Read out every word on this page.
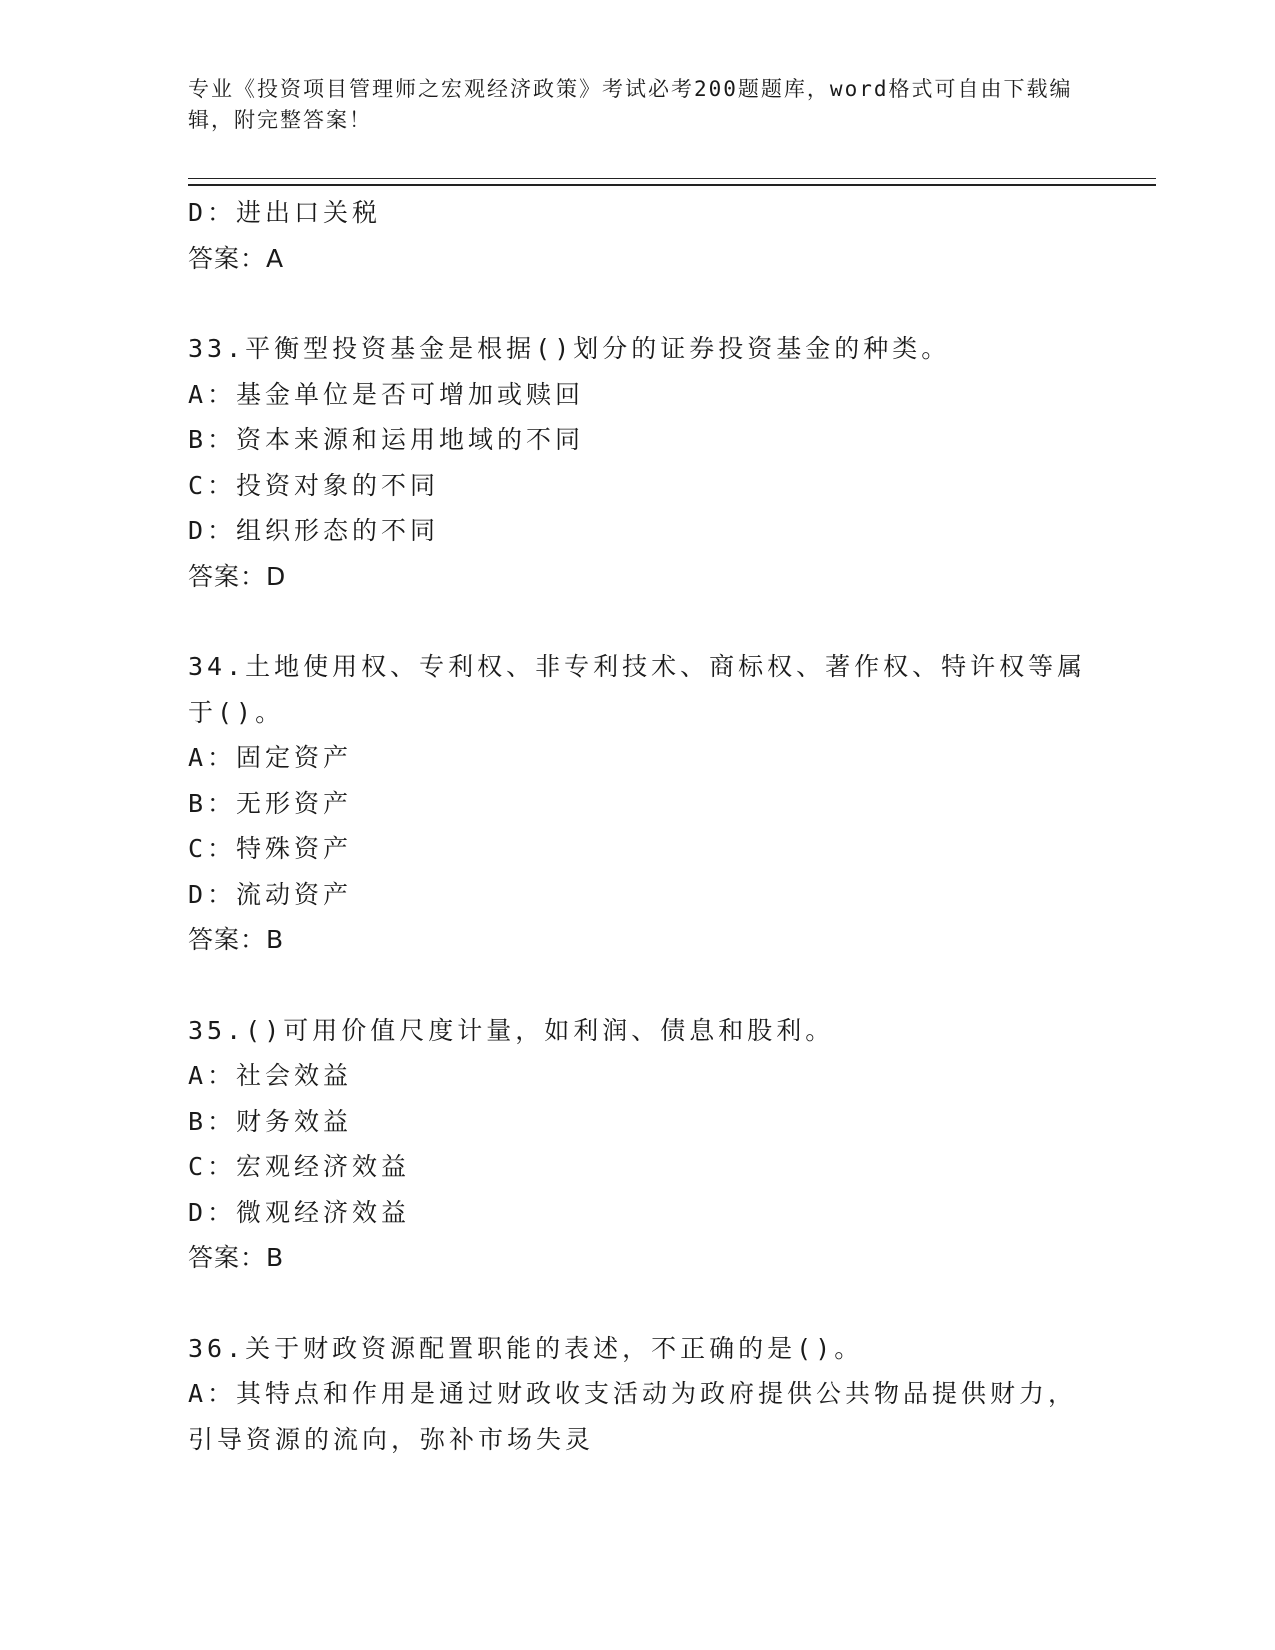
专业《投资项目管理师之宏观经济政策》考试必考200题题库，word格式可自由下载编辑，附完整答案！
D：进出口关税
答案：A
33.平衡型投资基金是根据()划分的证券投资基金的种类。
A：基金单位是否可增加或赎回
B：资本来源和运用地域的不同
C：投资对象的不同
D：组织形态的不同
答案：D
34.土地使用权、专利权、非专利技术、商标权、著作权、特许权等属于()。
A：固定资产
B：无形资产
C：特殊资产
D：流动资产
答案：B
35.()可用价值尺度计量，如利润、债息和股利。
A：社会效益
B：财务效益
C：宏观经济效益
D：微观经济效益
答案：B
36.关于财政资源配置职能的表述，不正确的是()。
A：其特点和作用是通过财政收支活动为政府提供公共物品提供财力，引导资源的流向，弥补市场失灵
